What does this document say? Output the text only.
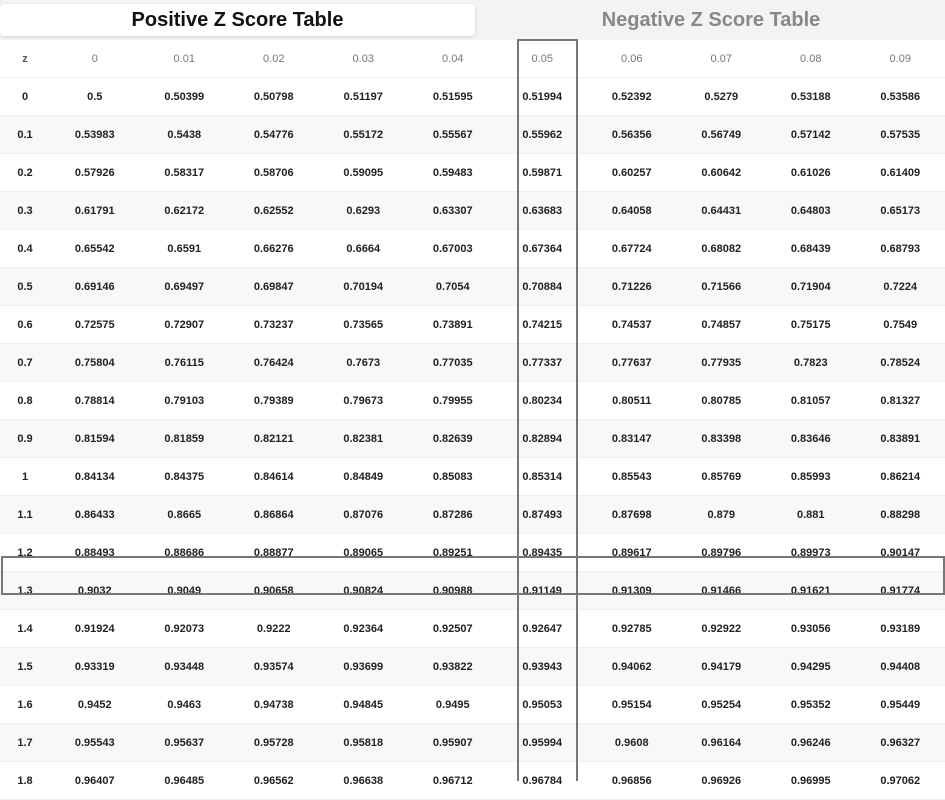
Positive Z Score Table	Negative Z Score Table
z	0	0.01	0.02	0.03	0.04	0.05	0.06	0.07	0.08	0.09
0	0.5	0.50399	0.50798	0.51197	0.51595	0.51994	0.52392	0.5279	0.53188	0.53586
0.1	0.53983	0.5438	0.54776	0.55172	0.55567	0.55962	0.56356	0.56749	0.57142	0.57535
0.2	0.57926	0.58317	0.58706	0.59095	0.59483	0.59871	0.60257	0.60642	0.61026	0.61409
0.3	0.61791	0.62172	0.62552	0.6293	0.63307	0.63683	0.64058	0.64431	0.64803	0.65173
0.4	0.65542	0.6591	0.66276	0.6664	0.67003	0.67364	0.67724	0.68082	0.68439	0.68793
0.5	0.69146	0.69497	0.69847	0.70194	0.7054	0.70884	0.71226	0.71566	0.71904	0.7224
0.6	0.72575	0.72907	0.73237	0.73565	0.73891	0.74215	0.74537	0.74857	0.75175	0.7549
0.7	0.75804	0.76115	0.76424	0.7673	0.77035	0.77337	0.77637	0.77935	0.7823	0.78524
0.8	0.78814	0.79103	0.79389	0.79673	0.79955	0.80234	0.80511	0.80785	0.81057	0.81327
0.9	0.81594	0.81859	0.82121	0.82381	0.82639	0.82894	0.83147	0.83398	0.83646	0.83891
1	0.84134	0.84375	0.84614	0.84849	0.85083	0.85314	0.85543	0.85769	0.85993	0.86214
1.1	0.86433	0.8665	0.86864	0.87076	0.87286	0.87493	0.87698	0.879	0.881	0.88298
1.2	0.88493	0.88686	0.88877	0.89065	0.89251	0.89435	0.89617	0.89796	0.89973	0.90147
1.3	0.9032	0.9049	0.90658	0.90824	0.90988	0.91149	0.91309	0.91466	0.91621	0.91774
1.4	0.91924	0.92073	0.9222	0.92364	0.92507	0.92647	0.92785	0.92922	0.93056	0.93189
1.5	0.93319	0.93448	0.93574	0.93699	0.93822	0.93943	0.94062	0.94179	0.94295	0.94408
1.6	0.9452	0.9463	0.94738	0.94845	0.9495	0.95053	0.95154	0.95254	0.95352	0.95449
1.7	0.95543	0.95637	0.95728	0.95818	0.95907	0.95994	0.9608	0.96164	0.96246	0.96327
1.8	0.96407	0.96485	0.96562	0.96638	0.96712	0.96784	0.96856	0.96926	0.96995	0.97062
